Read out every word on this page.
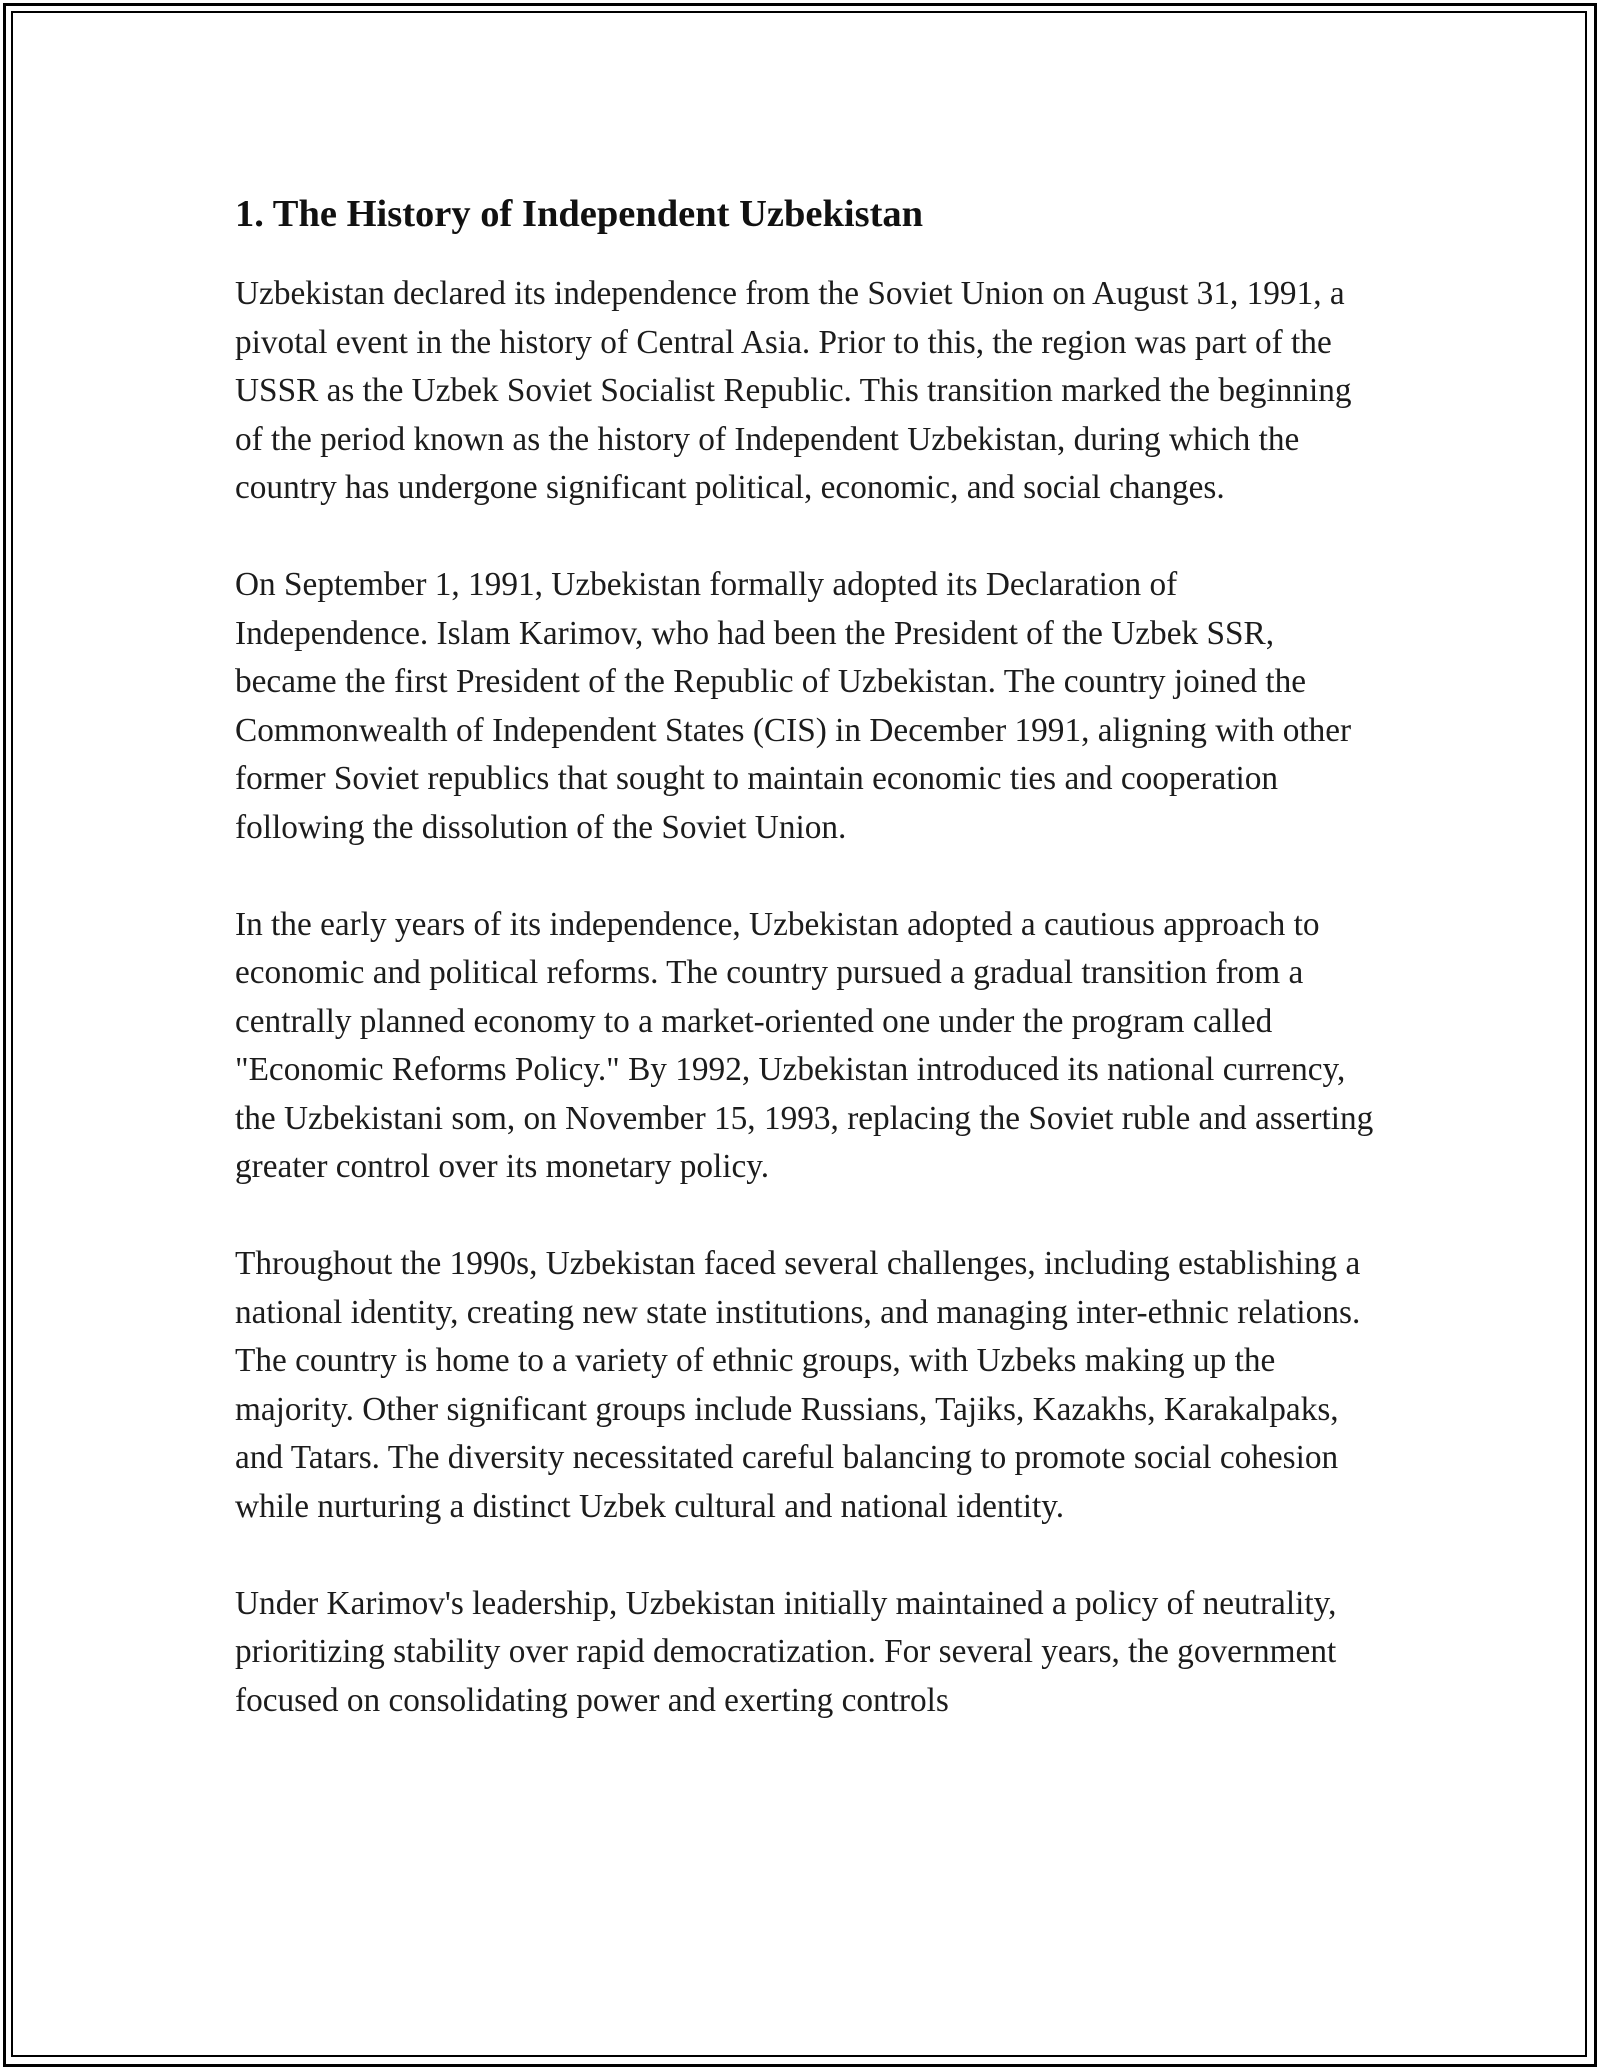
1. The History of Independent Uzbekistan

Uzbekistan declared its independence from the Soviet Union on August 31, 1991, a pivotal event in the history of Central Asia. Prior to this, the region was part of the USSR as the Uzbek Soviet Socialist Republic. This transition marked the beginning of the period known as the history of Independent Uzbekistan, during which the country has undergone significant political, economic, and social changes.

On September 1, 1991, Uzbekistan formally adopted its Declaration of Independence. Islam Karimov, who had been the President of the Uzbek SSR, became the first President of the Republic of Uzbekistan. The country joined the Commonwealth of Independent States (CIS) in December 1991, aligning with other former Soviet republics that sought to maintain economic ties and cooperation following the dissolution of the Soviet Union.

In the early years of its independence, Uzbekistan adopted a cautious approach to economic and political reforms. The country pursued a gradual transition from a centrally planned economy to a market-oriented one under the program called "Economic Reforms Policy." By 1992, Uzbekistan introduced its national currency, the Uzbekistani som, on November 15, 1993, replacing the Soviet ruble and asserting greater control over its monetary policy.

Throughout the 1990s, Uzbekistan faced several challenges, including establishing a national identity, creating new state institutions, and managing inter-ethnic relations. The country is home to a variety of ethnic groups, with Uzbeks making up the majority. Other significant groups include Russians, Tajiks, Kazakhs, Karakalpaks, and Tatars. The diversity necessitated careful balancing to promote social cohesion while nurturing a distinct Uzbek cultural and national identity.

Under Karimov's leadership, Uzbekistan initially maintained a policy of neutrality, prioritizing stability over rapid democratization. For several years, the government focused on consolidating power and exerting controls
